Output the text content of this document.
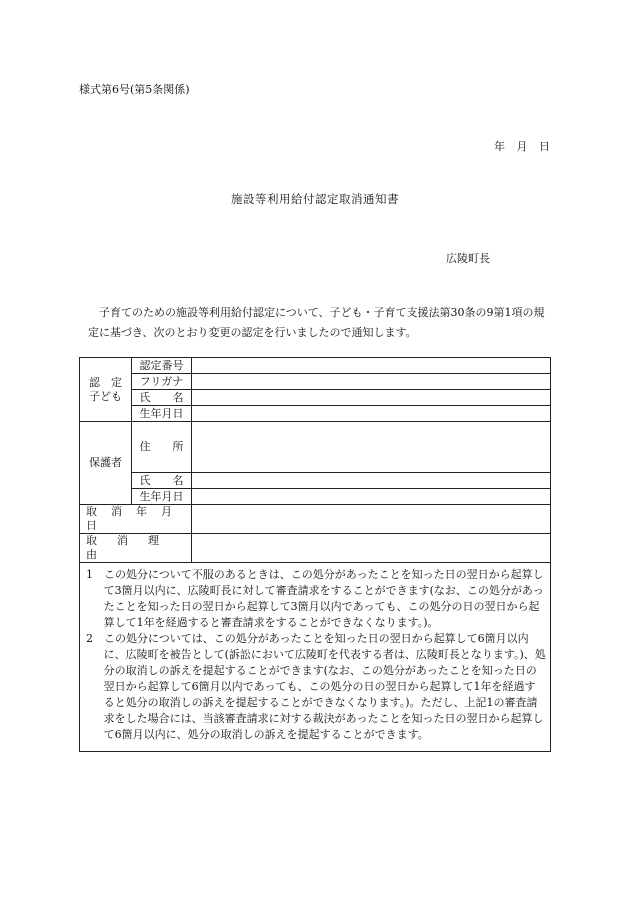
様式第6号(第5条関係)
年 月 日
施設等利用給付認定取消通知書
広陵町長

子育てのための施設等利用給付認定について、子ども・子育て支援法第30条の9第1項の規定に基づき、次のとおり変更の認定を行いましたので通知します。

認　定
子ども	認定番号	
	フリガナ	
	氏　　名	
	生年月日	
保護者	住　　所	
	氏　　名	
	生年月日	
取消年月日		
取消理由		

1　この処分について不服のあるときは、この処分があったことを知った日の翌日から起算して3箇月以内に、広陵町長に対して審査請求をすることができます(なお、この処分があったことを知った日の翌日から起算して3箇月以内であっても、この処分の日の翌日から起算して1年を経過すると審査請求をすることができなくなります。)。

2　この処分については、この処分があったことを知った日の翌日から起算して6箇月以内に、広陵町を被告として(訴訟において広陵町を代表する者は、広陵町長となります。)、処分の取消しの訴えを提起することができます(なお、この処分があったことを知った日の翌日から起算して6箇月以内であっても、この処分の日の翌日から起算して1年を経過すると処分の取消しの訴えを提起することができなくなります。)。ただし、上記1の審査請求をした場合には、当該審査請求に対する裁決があったことを知った日の翌日から起算して6箇月以内に、処分の取消しの訴えを提起することができます。		
